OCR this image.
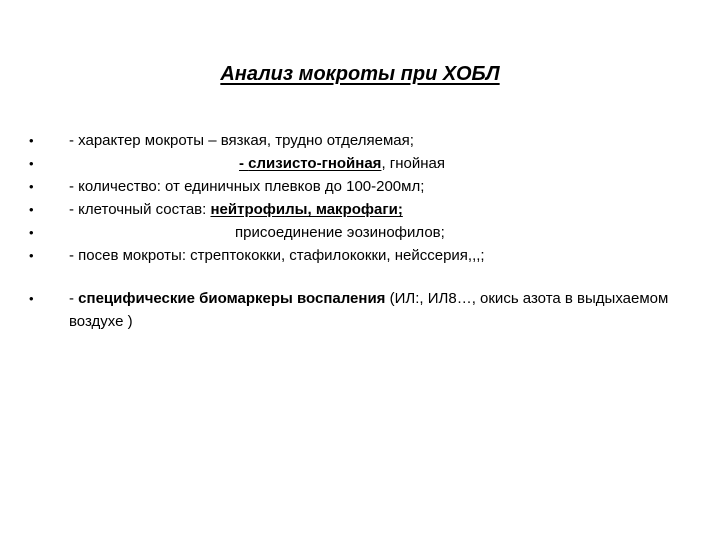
Анализ мокроты при ХОБЛ
• - характер мокроты – вязкая, трудно отделяемая;
•	- слизисто-гнойная, гнойная
• - количество: от единичных плевков до 100-200мл;
• - клеточный состав: нейтрофилы, макрофаги;
•	присоединение эозинофилов;
• - посев мокроты: стрептококки, стафилококки, нейссерия,,,;
• - специфические биомаркеры воспаления (ИЛ:, ИЛ8…, окись азота в выдыхаемом воздухе )
